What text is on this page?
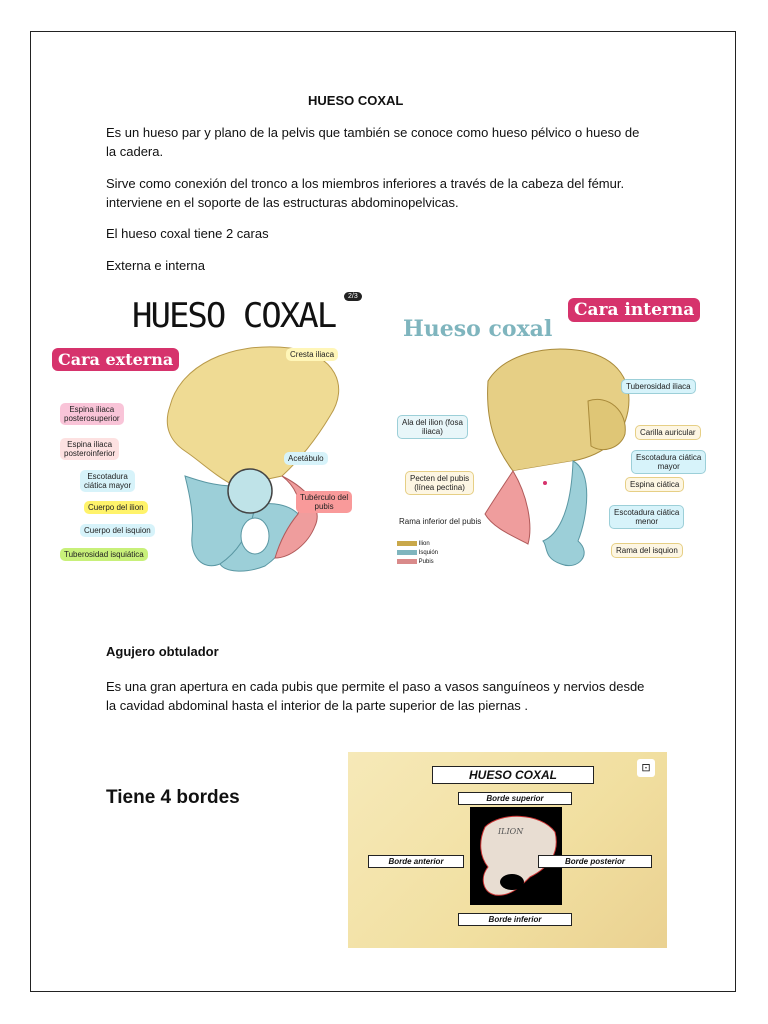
HUESO COXAL
Es un hueso par y plano de la pelvis que también se conoce como hueso pélvico o hueso de la cadera.
Sirve como conexión del tronco a los miembros inferiores a través de la cabeza del fémur. interviene en el soporte de las estructuras abdominopelvicas.
El hueso coxal tiene 2 caras
Externa e interna
HUESO COXAL	2/3
Cara externa	Cresta iliaca
Espina iliaca
posterosuperior
Espina iliaca
posteroinferior
Escotadura
ciática mayor
Cuerpo del ilion
Cuerpo del isquion
Tuberosidad isquiática
Acetábulo
Tubérculo del
pubis
Hueso coxal
Cara interna
Tuberosidad iliaca
Ala del ilion (fosa
iliaca)	Carilla auricular
Escotadura ciática
mayor
Pecten del pubis
(línea pectina)	Espina ciática
Escotadura ciática
menor
Rama inferior del pubis
Rama del isquion
Ilion
Isquión
Pubis
Agujero obtulador
Es una gran apertura en cada pubis que permite el paso a vasos sanguíneos y nervios desde la cavidad abdominal hasta el interior de la parte superior de las piernas .
Tiene 4 bordes
HUESO COXAL	⊡
Borde superior
ILION
Borde anterior	Borde posterior
Borde inferior
